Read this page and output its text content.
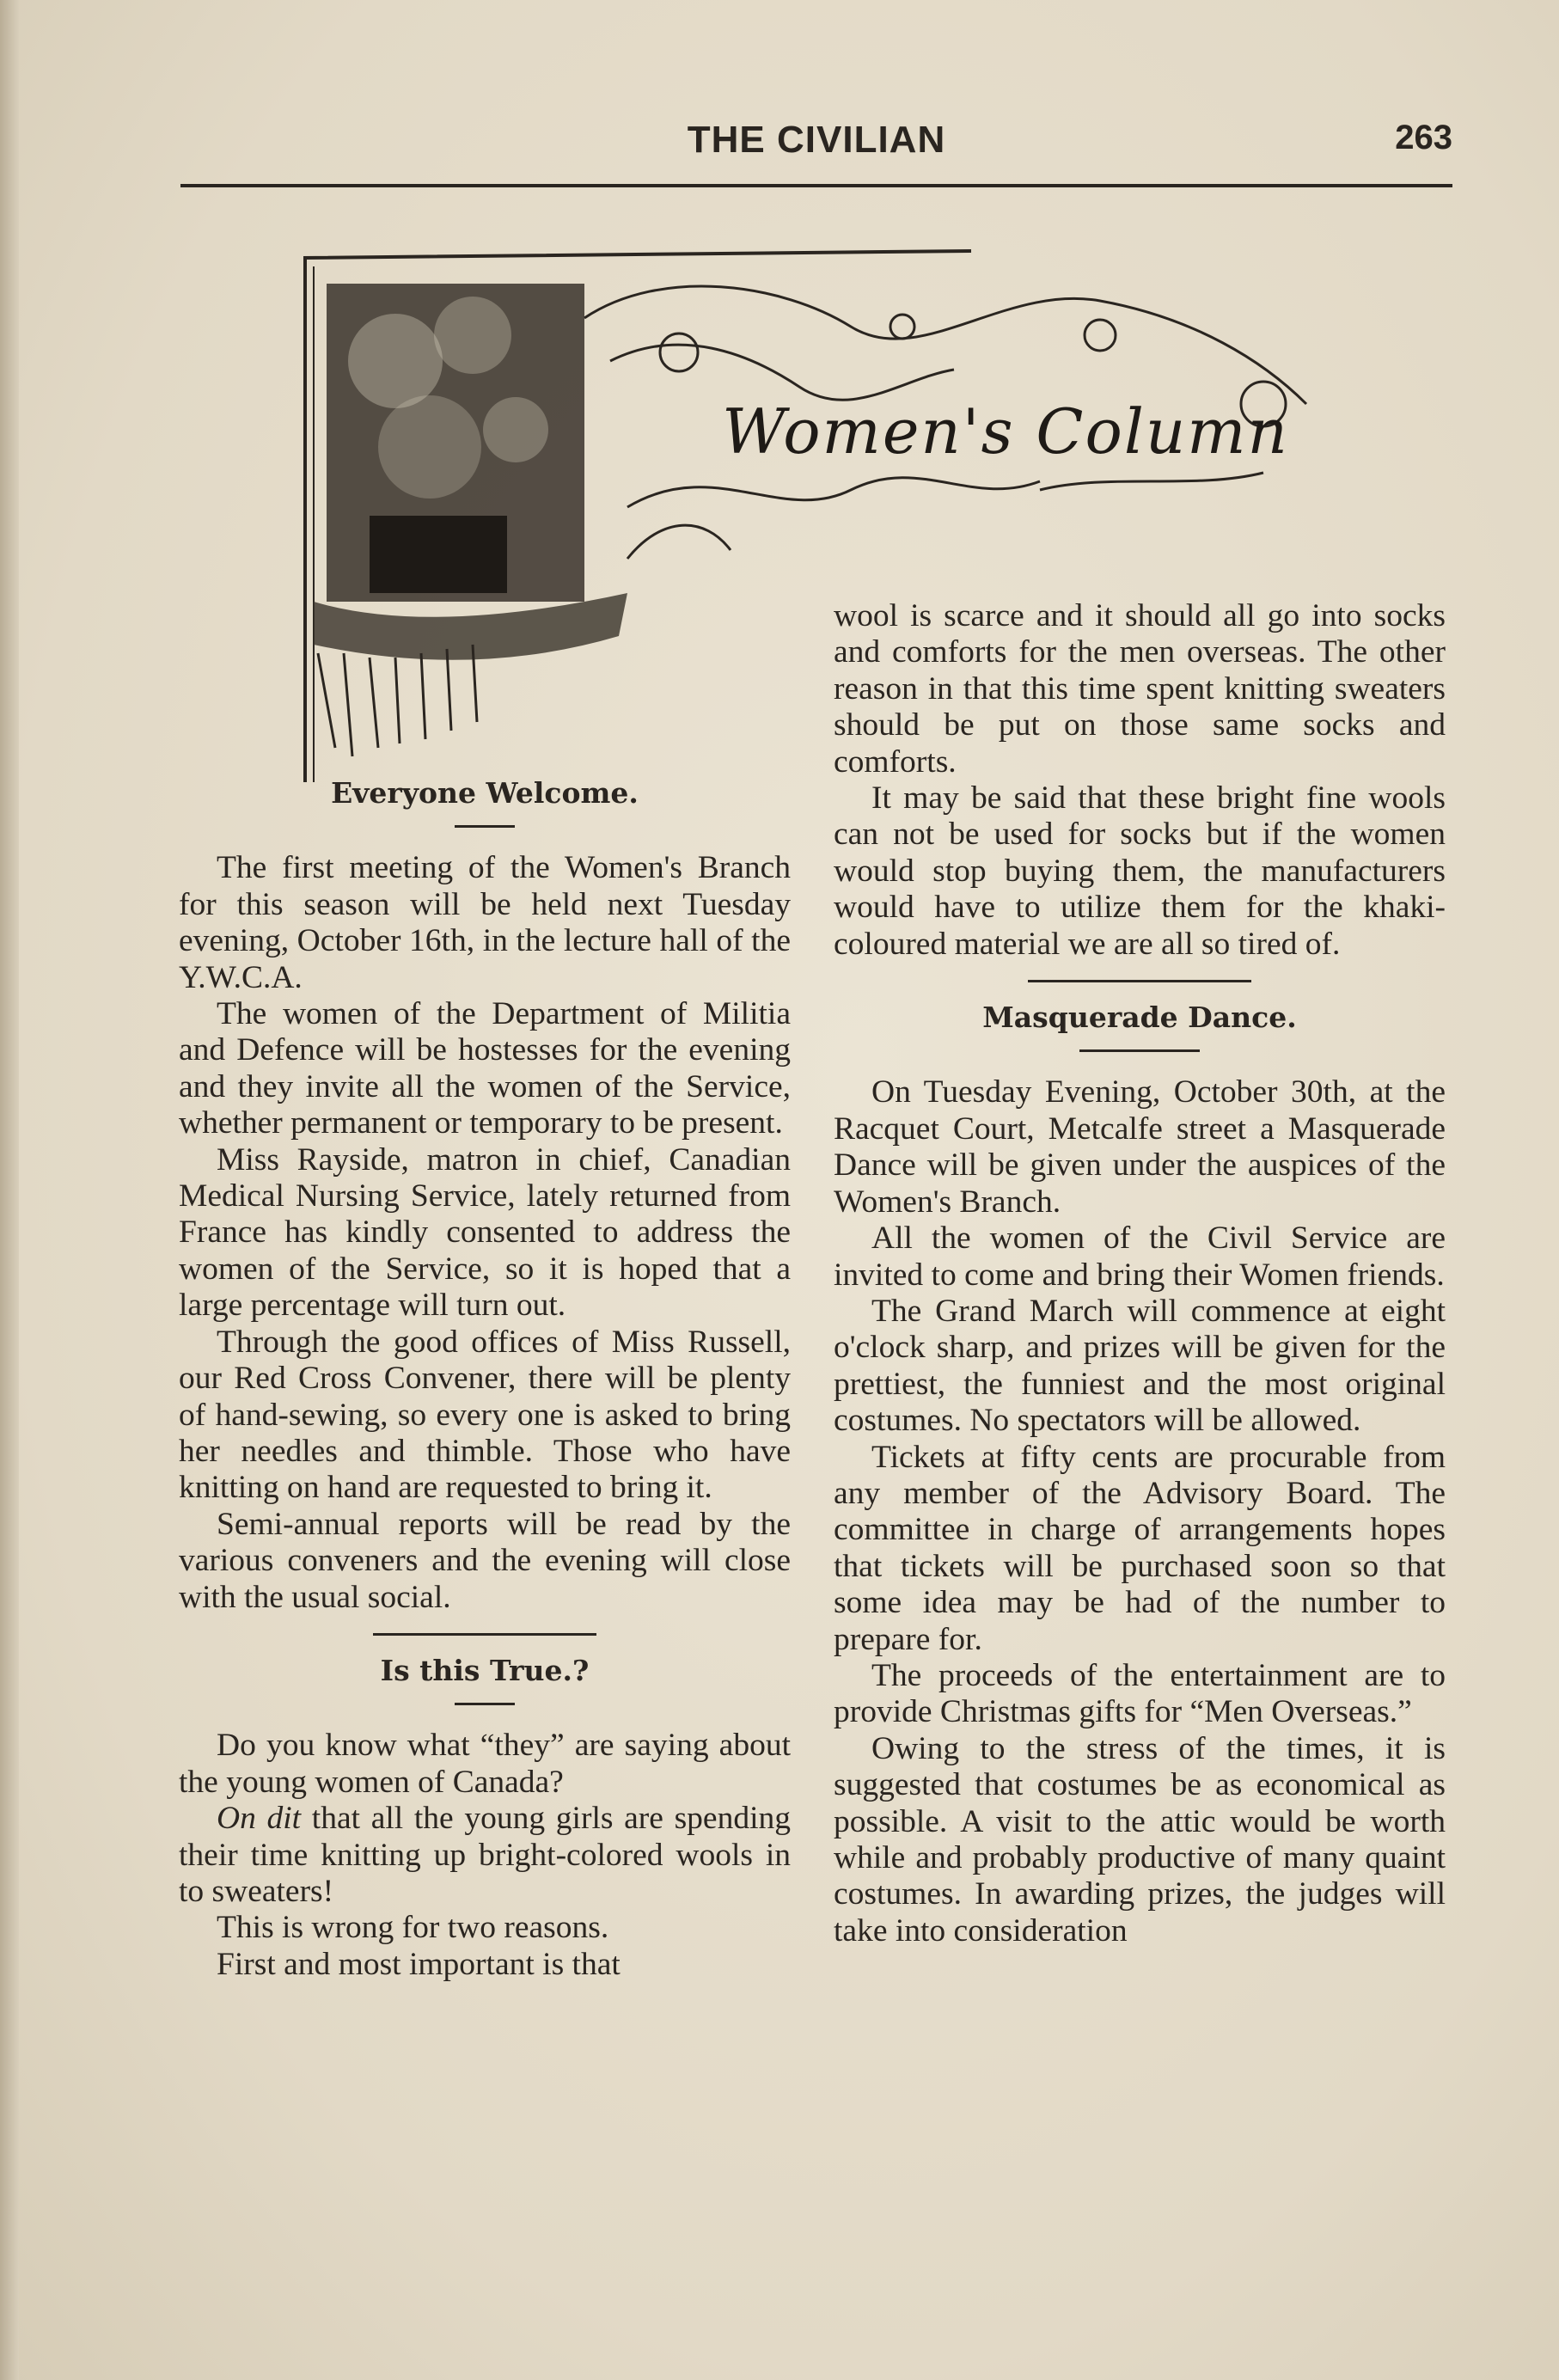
THE CIVILIAN	263
Women's Column
Everyone Welcome.

The first meeting of the Women's Branch for this season will be held next Tuesday evening, October 16th, in the lecture hall of the Y.W.C.A.

The women of the Department of Militia and Defence will be hostesses for the evening and they invite all the women of the Service, whether permanent or temporary to be present.

Miss Rayside, matron in chief, Canadian Medical Nursing Service, lately returned from France has kindly consented to address the women of the Service, so it is hoped that a large percentage will turn out.

Through the good offices of Miss Russell, our Red Cross Convener, there will be plenty of hand-sewing, so every one is asked to bring her needles and thimble. Those who have knitting on hand are requested to bring it.

Semi-annual reports will be read by the various conveners and the evening will close with the usual social.

Is this True.?

Do you know what “they” are saying about the young women of Canada?

On dit that all the young girls are spending their time knitting up bright-colored wools in to sweaters!

This is wrong for two reasons.

First and most important is that

wool is scarce and it should all go into socks and comforts for the men overseas. The other reason in that this time spent knitting sweaters should be put on those same socks and comforts.

It may be said that these bright fine wools can not be used for socks but if the women would stop buying them, the manufacturers would have to utilize them for the khaki-coloured material we are all so tired of.

Masquerade Dance.

On Tuesday Evening, October 30th, at the Racquet Court, Metcalfe street a Masquerade Dance will be given under the auspices of the Women's Branch.

All the women of the Civil Service are invited to come and bring their Women friends.

The Grand March will commence at eight o'clock sharp, and prizes will be given for the prettiest, the funniest and the most original costumes. No spectators will be allowed.

Tickets at fifty cents are procurable from any member of the Advisory Board. The committee in charge of arrangements hopes that tickets will be purchased soon so that some idea may be had of the number to prepare for.

The proceeds of the entertainment are to provide Christmas gifts for “Men Overseas.”

Owing to the stress of the times, it is suggested that costumes be as economical as possible. A visit to the attic would be worth while and probably productive of many quaint costumes. In awarding prizes, the judges will take into consideration
